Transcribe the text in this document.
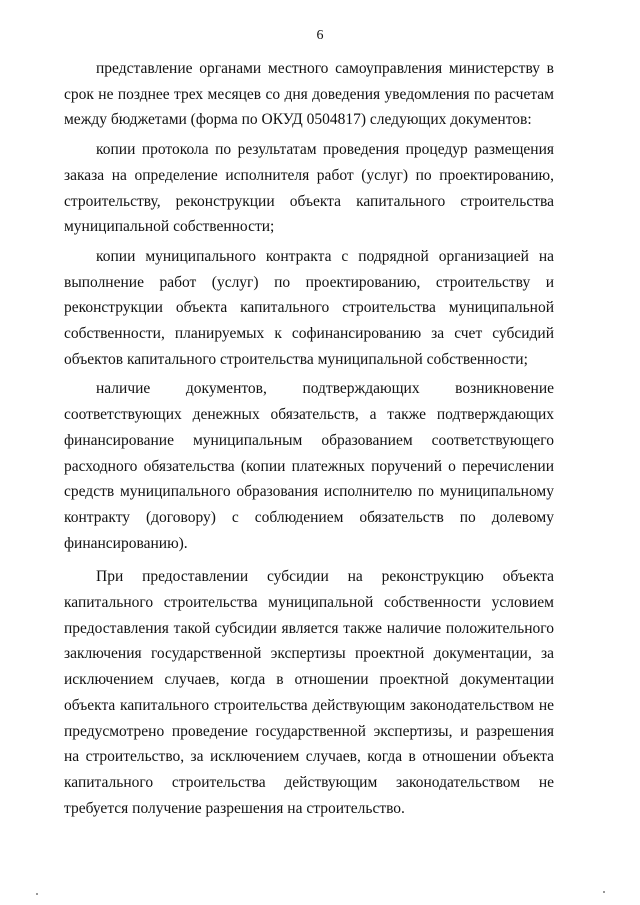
6

представление органами местного самоуправления министерству в срок не позднее трех месяцев со дня доведения уведомления по расчетам между бюджетами (форма по ОКУД 0504817) следующих документов:

копии протокола по результатам проведения процедур размещения заказа на определение исполнителя работ (услуг) по проектированию, строительству, реконструкции объекта капитального строительства муниципальной собственности;

копии муниципального контракта с подрядной организацией на выполнение работ (услуг) по проектированию, строительству и реконструкции объекта капитального строительства муниципальной собственности, планируемых к софинансированию за счет субсидий объектов капитального строительства муниципальной собственности;

наличие документов, подтверждающих возникновение соответствующих денежных обязательств, а также подтверждающих финансирование муниципальным образованием соответствующего расходного обязательства (копии платежных поручений о перечислении средств муниципального образования исполнителю по муниципальному контракту (договору) с соблюдением обязательств по долевому финансированию).

При предоставлении субсидии на реконструкцию объекта капитального строительства муниципальной собственности условием предоставления такой субсидии является также наличие положительного заключения государственной экспертизы проектной документации, за исключением случаев, когда в отношении проектной документации объекта капитального строительства действующим законодательством не предусмотрено проведение государственной экспертизы, и разрешения на строительство, за исключением случаев, когда в отношении объекта капитального строительства действующим законодательством не требуется получение разрешения на строительство.
